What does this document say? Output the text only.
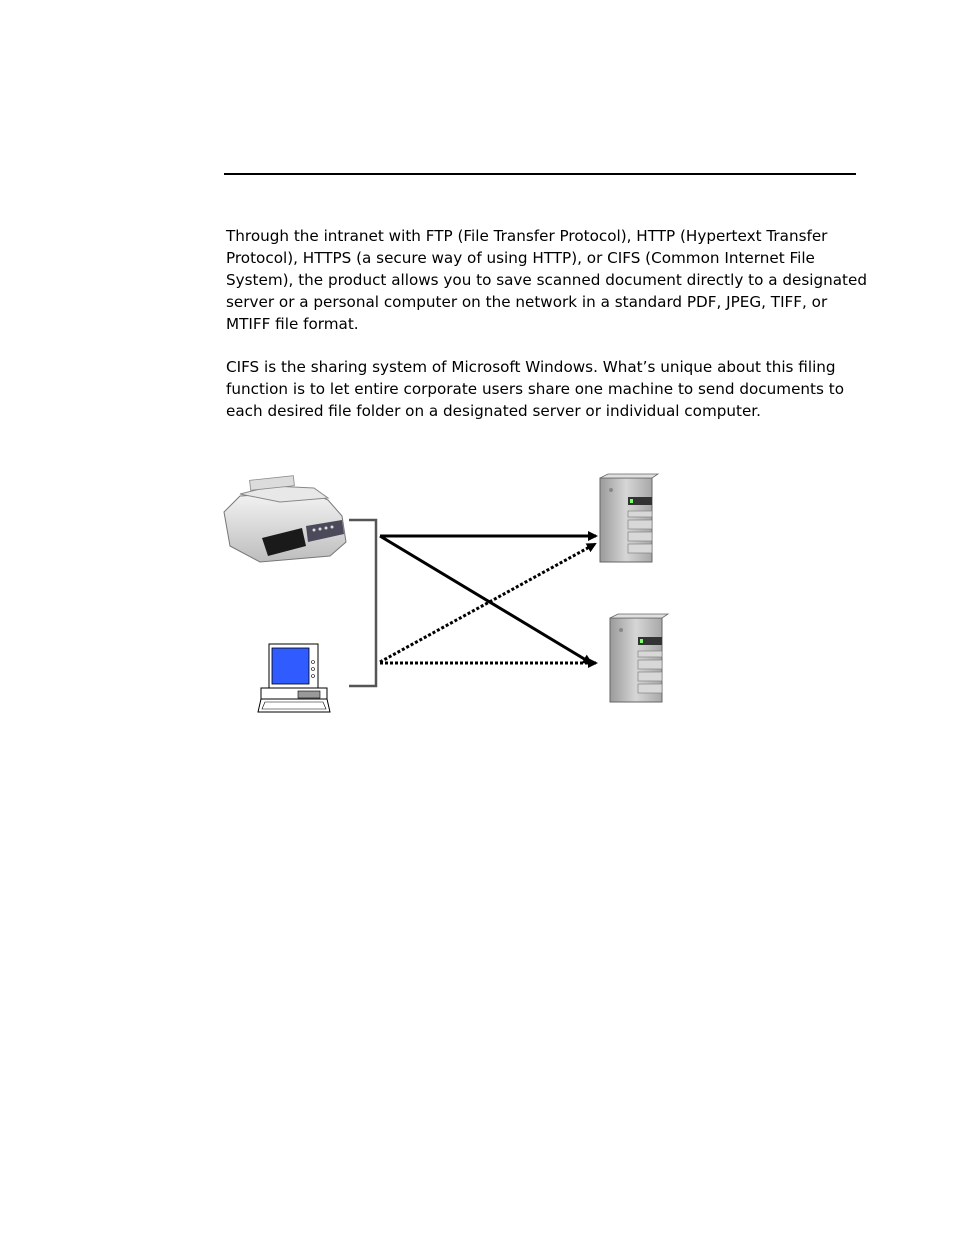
Through the intranet with FTP (File Transfer Protocol), HTTP (Hypertext Transfer Protocol), HTTPS (a secure way of using HTTP), or CIFS (Common Internet File System), the product allows you to save scanned document directly to a designated server or a personal computer on the network in a standard PDF, JPEG, TIFF, or MTIFF file format.

CIFS is the sharing system of Microsoft Windows. What’s unique about this filing function is to let entire corporate users share one machine to send documents to each desired file folder on a designated server or individual computer.
